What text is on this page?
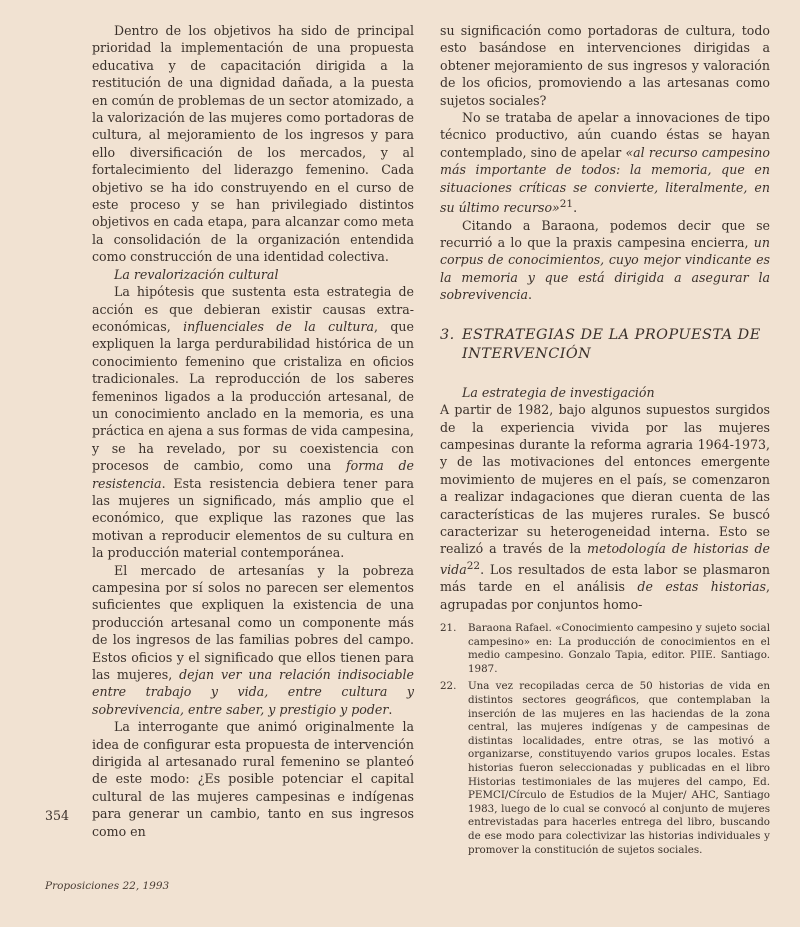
Dentro de los objetivos ha sido de principal prioridad la implementación de una propuesta educativa y de capacitación dirigida a la restitución de una dignidad dañada, a la puesta en común de problemas de un sector atomizado, a la valorización de las mujeres como portadoras de cultura, al mejoramiento de los ingresos y para ello diversificación de los mercados, y al fortalecimiento del liderazgo femenino. Cada objetivo se ha ido construyendo en el curso de este proceso y se han privilegiado distintos objetivos en cada etapa, para alcanzar como meta la consolidación de la organización entendida como construcción de una identidad colectiva.

La revalorización cultural

La hipótesis que sustenta esta estrategia de acción es que debieran existir causas extra-económicas, influenciales de la cultura, que expliquen la larga perdurabilidad histórica de un conocimiento femenino que cristaliza en oficios tradicionales. La reproducción de los saberes femeninos ligados a la producción artesanal, de un conocimiento anclado en la memoria, es una práctica en ajena a sus formas de vida campesina, y se ha revelado, por su coexistencia con procesos de cambio, como una forma de resistencia. Esta resistencia debiera tener para las mujeres un significado, más amplio que el económico, que explique las razones que las motivan a reproducir elementos de su cultura en la producción material contemporánea.

El mercado de artesanías y la pobreza campesina por sí solos no parecen ser elementos suficientes que expliquen la existencia de una producción artesanal como un componente más de los ingresos de las familias pobres del campo. Estos oficios y el significado que ellos tienen para las mujeres, dejan ver una relación indisociable entre trabajo y vida, entre cultura y sobrevivencia, entre saber, y prestigio y poder.

La interrogante que animó originalmente la idea de configurar esta propuesta de intervención dirigida al artesanado rural femenino se planteó de este modo: ¿Es posible potenciar el capital cultural de las mujeres campesinas e indígenas para generar un cambio, tanto en sus ingresos como en

su significación como portadoras de cultura, todo esto basándose en intervenciones dirigidas a obtener mejoramiento de sus ingresos y valoración de los oficios, promoviendo a las artesanas como sujetos sociales?

No se trataba de apelar a innovaciones de tipo técnico productivo, aún cuando éstas se hayan contemplado, sino de apelar «al recurso campesino más importante de todos: la memoria, que en situaciones críticas se convierte, literalmente, en su último recurso»$^{21}$.

Citando a Baraona, podemos decir que se recurrió a lo que la praxis campesina encierra, un corpus de conocimientos, cuyo mejor vindicante es la memoria y que está dirigida a asegurar la sobrevivencia.

3. ESTRATEGIAS DE LA PROPUESTA DE
INTERVENCIÓN

La estrategia de investigación

A partir de 1982, bajo algunos supuestos surgidos de la experiencia vivida por las mujeres campesinas durante la reforma agraria 1964-1973, y de las motivaciones del entonces emergente movimiento de mujeres en el país, se comenzaron a realizar indagaciones que dieran cuenta de las características de las mujeres rurales. Se buscó caracterizar su heterogeneidad interna. Esto se realizó a través de la metodología de historias de vida$^{22}$. Los resultados de esta labor se plasmaron más tarde en el análisis de estas historias, agrupadas por conjuntos homo-

21.	Baraona Rafael. «Conocimiento campesino y sujeto social campesino» en: La producción de conocimientos en el medio campesino. Gonzalo Tapia, editor. PIIE. Santiago. 1987.
22.	Una vez recopiladas cerca de 50 historias de vida en distintos sectores geográficos, que contemplaban la inserción de las mujeres en las haciendas de la zona central, las mujeres indígenas y de campesinas de distintas localidades, entre otras, se las motivó a organizarse, constituyendo varios grupos locales. Estas historias fueron seleccionadas y publicadas en el libro Historias testimoniales de las mujeres del campo, Ed. PEMCI/Círculo de Estudios de la Mujer/ AHC, Santiago 1983, luego de lo cual se convocó al conjunto de mujeres entrevistadas para hacerles entrega del libro, buscando de ese modo para colectivizar las historias individuales y promover la constitución de sujetos sociales.
354
Proposiciones 22, 1993
